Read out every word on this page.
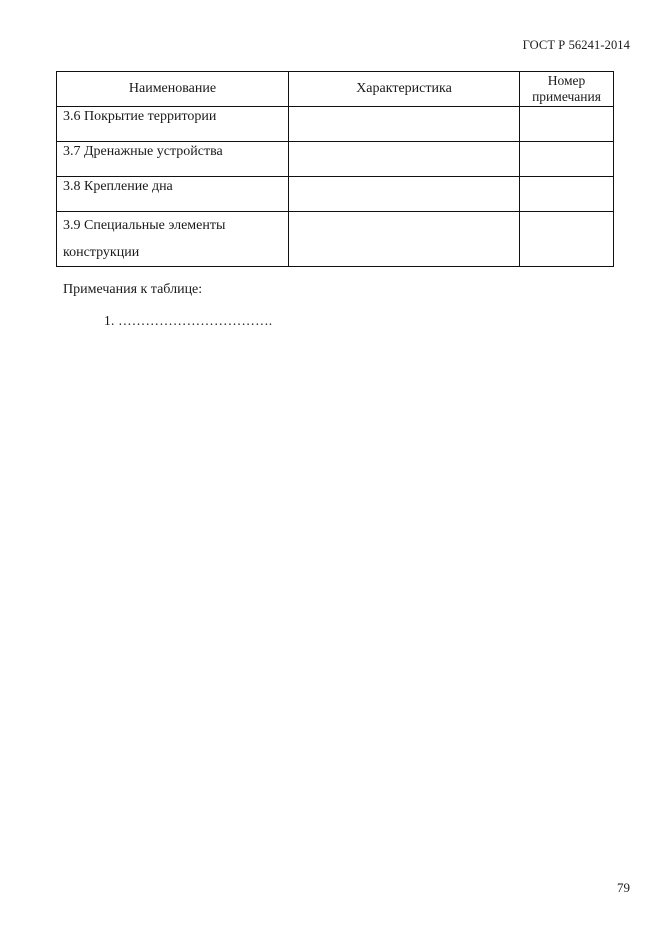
ГОСТ Р 56241-2014
Наименование	Характеристика	Номер
примечания

3.6 Покрытие территории		
3.7 Дренажные устройства		
3.8 Крепление дна		

3.9 Специальные элементы
конструкции		

Примечания к таблице:
1. …………………………….
79
